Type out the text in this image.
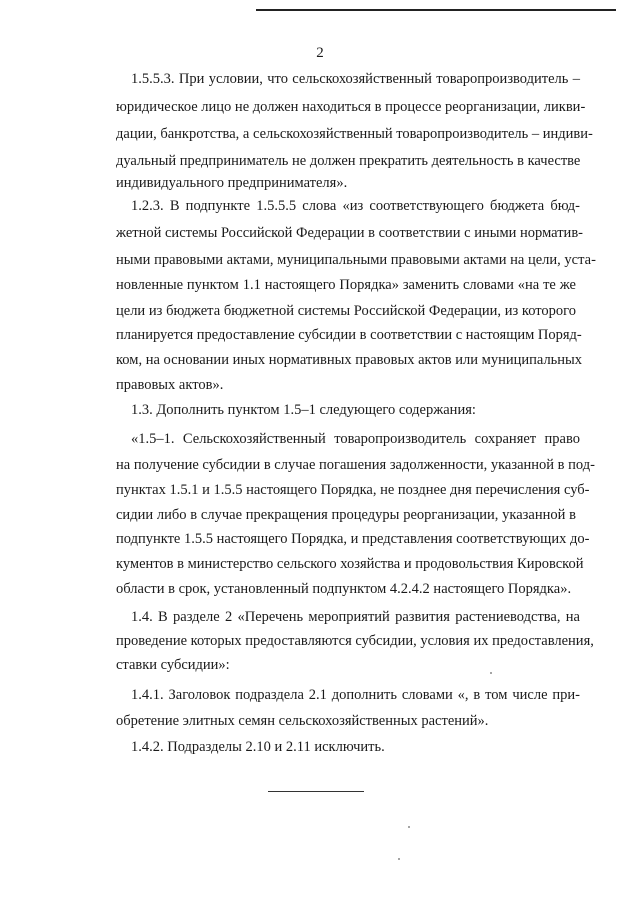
2
1.5.5.3. При условии, что сельскохозяйственный товаропроизводитель –
юридическое лицо не должен находиться в процессе реорганизации, ликви-
дации, банкротства, а сельскохозяйственный товаропроизводитель – индиви-
дуальный предприниматель не должен прекратить деятельность в качестве
индивидуального предпринимателя».
1.2.3. В подпункте 1.5.5.5 слова «из соответствующего бюджета бюд-
жетной системы Российской Федерации в соответствии с иными норматив-
ными правовыми актами, муниципальными правовыми актами на цели, уста-
новленные пунктом 1.1 настоящего Порядка» заменить словами «на те же
цели из бюджета бюджетной системы Российской Федерации, из которого
планируется предоставление субсидии в соответствии с настоящим Поряд-
ком, на основании иных нормативных правовых актов или муниципальных
правовых актов».
1.3. Дополнить пунктом 1.5–1 следующего содержания:
«1.5–1. Сельскохозяйственный товаропроизводитель сохраняет право
на получение субсидии в случае погашения задолженности, указанной в под-
пунктах 1.5.1 и 1.5.5 настоящего Порядка, не позднее дня перечисления суб-
сидии либо в случае прекращения процедуры реорганизации, указанной в
подпункте 1.5.5 настоящего Порядка, и представления соответствующих до-
кументов в министерство сельского хозяйства и продовольствия Кировской
области в срок, установленный подпунктом 4.2.4.2 настоящего Порядка».
1.4. В разделе 2 «Перечень мероприятий развития растениеводства, на
проведение которых предоставляются субсидии, условия их предоставления,
ставки субсидии»:
1.4.1. Заголовок подраздела 2.1 дополнить словами «, в том числе при-
обретение элитных семян сельскохозяйственных растений».
1.4.2. Подразделы 2.10 и 2.11 исключить.
